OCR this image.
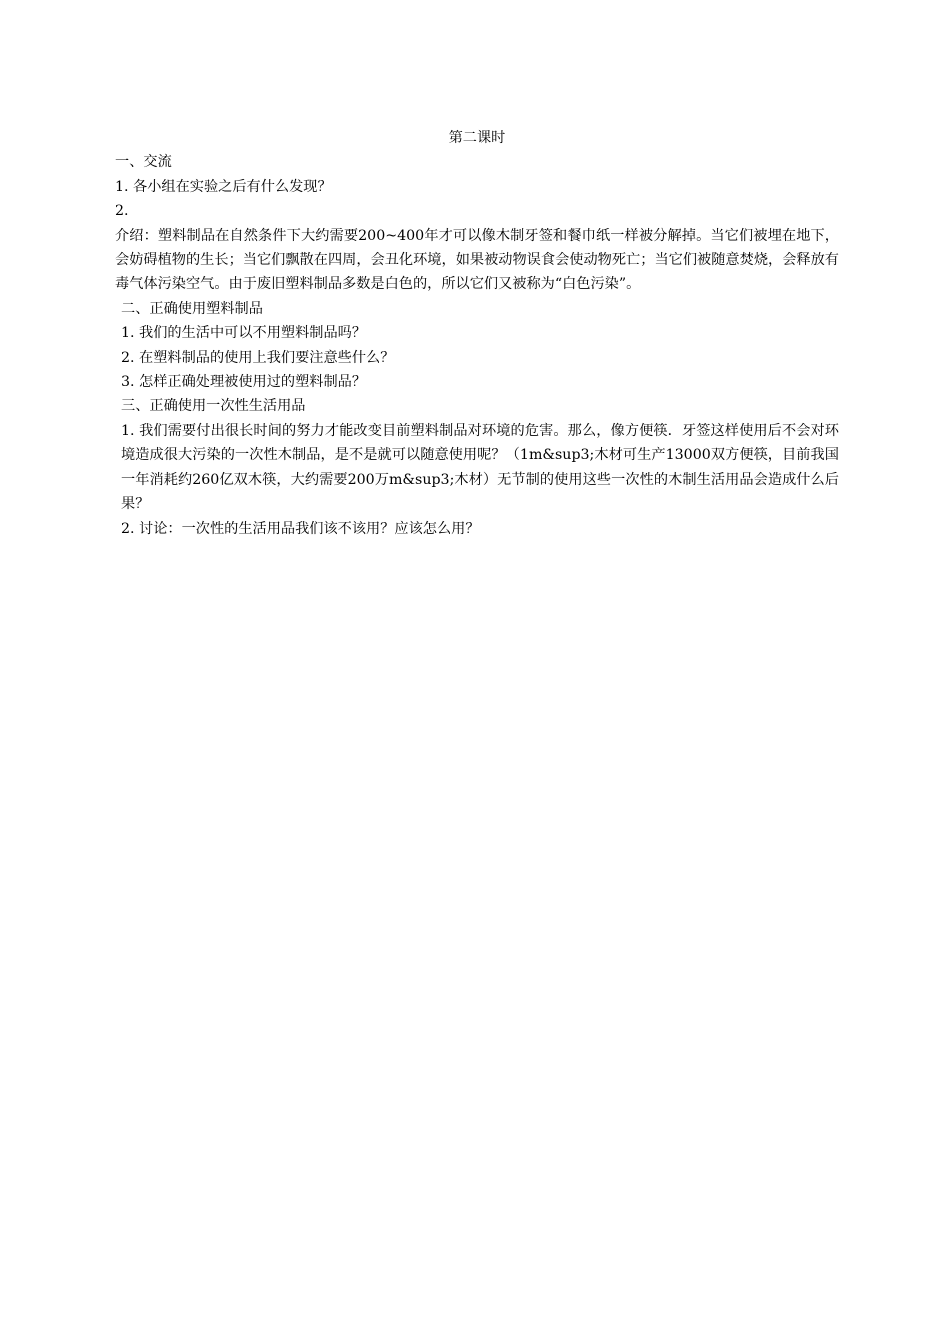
第二课时

一、交流

1. 各小组在实验之后有什么发现？

2.

介绍：塑料制品在自然条件下大约需要200~400年才可以像木制牙签和餐巾纸一样被分解掉。当它们被埋在地下，会妨碍植物的生长；当它们飘散在四周，会丑化环境，如果被动物误食会使动物死亡；当它们被随意焚烧，会释放有毒气体污染空气。由于废旧塑料制品多数是白色的，所以它们又被称为“白色污染”。

二、正确使用塑料制品

1. 我们的生活中可以不用塑料制品吗？

2. 在塑料制品的使用上我们要注意些什么？

3. 怎样正确处理被使用过的塑料制品？

三、正确使用一次性生活用品

1. 我们需要付出很长时间的努力才能改变目前塑料制品对环境的危害。那么，像方便筷．牙签这样使用后不会对环境造成很大污染的一次性木制品，是不是就可以随意使用呢？（1m&sup3;木材可生产13000双方便筷，目前我国一年消耗约260亿双木筷，大约需要200万m&sup3;木材）无节制的使用这些一次性的木制生活用品会造成什么后果？

2. 讨论：一次性的生活用品我们该不该用？应该怎么用？
